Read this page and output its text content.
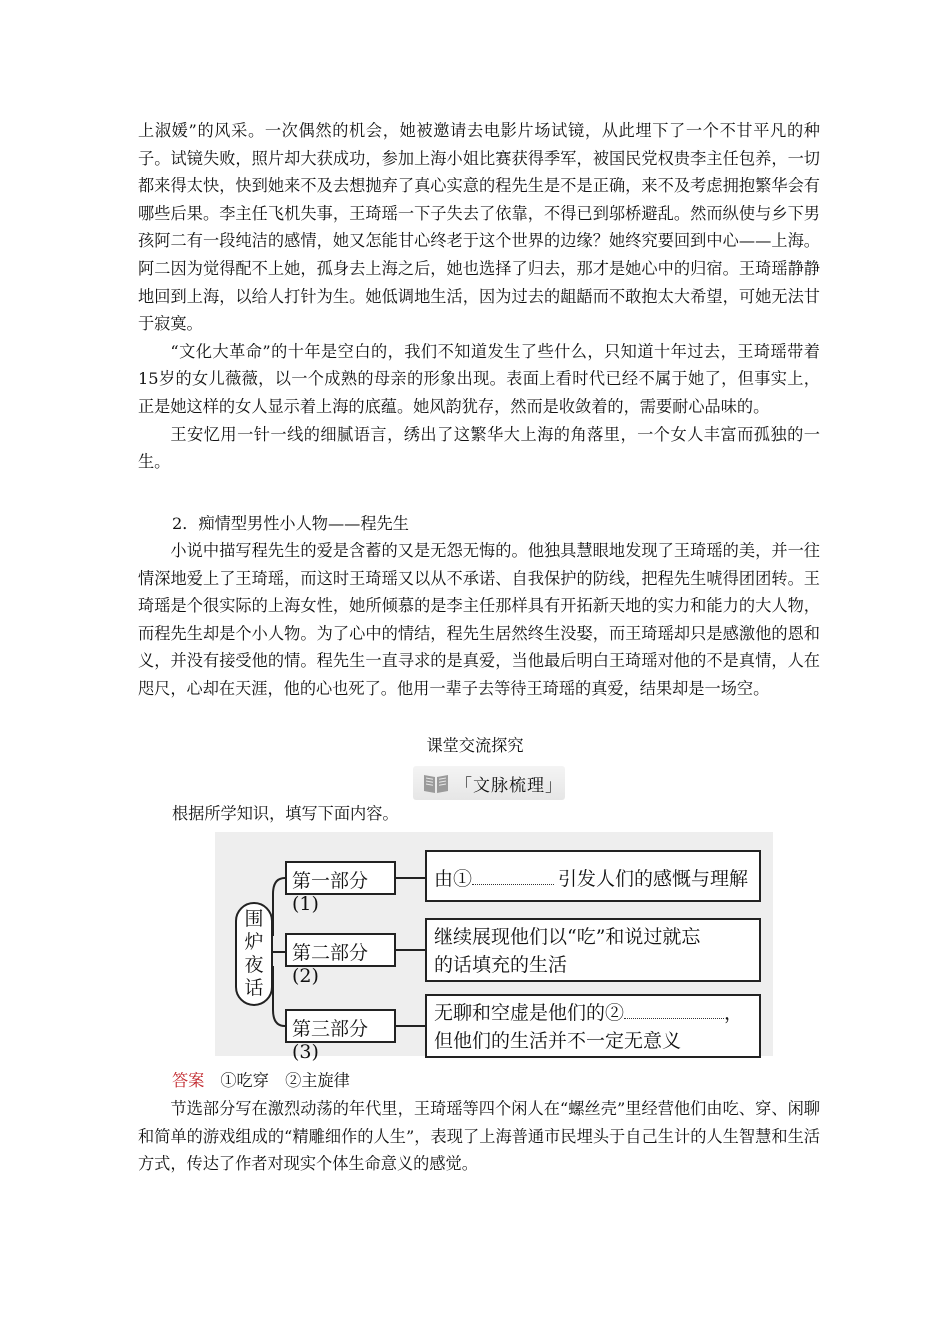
上淑媛”的风采。一次偶然的机会，她被邀请去电影片场试镜，从此埋下了一个不甘平凡的种子。试镜失败，照片却大获成功，参加上海小姐比赛获得季军，被国民党权贵李主任包养，一切都来得太快，快到她来不及去想抛弃了真心实意的程先生是不是正确，来不及考虑拥抱繁华会有哪些后果。李主任飞机失事，王琦瑶一下子失去了依靠，不得已到邬桥避乱。然而纵使与乡下男孩阿二有一段纯洁的感情，她又怎能甘心终老于这个世界的边缘？她终究要回到中心——上海。阿二因为觉得配不上她，孤身去上海之后，她也选择了归去，那才是她心中的归宿。王琦瑶静静地回到上海，以给人打针为生。她低调地生活，因为过去的龃龉而不敢抱太大希望，可她无法甘于寂寞。

“文化大革命”的十年是空白的，我们不知道发生了些什么，只知道十年过去，王琦瑶带着15岁的女儿薇薇，以一个成熟的母亲的形象出现。表面上看时代已经不属于她了，但事实上，正是她这样的女人显示着上海的底蕴。她风韵犹存，然而是收敛着的，需要耐心品味的。

王安忆用一针一线的细腻语言，绣出了这繁华大上海的角落里，一个女人丰富而孤独的一生。

2．痴情型男性小人物——程先生

小说中描写程先生的爱是含蓄的又是无怨无悔的。他独具慧眼地发现了王琦瑶的美，并一往情深地爱上了王琦瑶，而这时王琦瑶又以从不承诺、自我保护的防线，把程先生唬得团团转。王琦瑶是个很实际的上海女性，她所倾慕的是李主任那样具有开拓新天地的实力和能力的大人物，而程先生却是个小人物。为了心中的情结，程先生居然终生没娶，而王琦瑶却只是感激他的恩和义，并没有接受他的情。程先生一直寻求的是真爱，当他最后明白王琦瑶对他的不是真情，人在咫尺，心却在天涯，他的心也死了。他用一辈子去等待王琦瑶的真爱，结果却是一场空。

课堂交流探究
「文脉梳理」
根据所学知识，填写下面内容。
围
炉
夜
话
第一部分(1)
第二部分(2)
第三部分(3)
由①	引发人们的感慨与理解
继续展现他们以“吃”和说过就忘
的话填充的生活
无聊和空虚是他们的②	，
但他们的生活并不一定无意义
答案 ①吃穿　②主旋律

节选部分写在激烈动荡的年代里，王琦瑶等四个闲人在“螺丝壳”里经营他们由吃、穿、闲聊和简单的游戏组成的“精雕细作的人生”，表现了上海普通市民埋头于自己生计的人生智慧和生活方式，传达了作者对现实个体生命意义的感觉。
